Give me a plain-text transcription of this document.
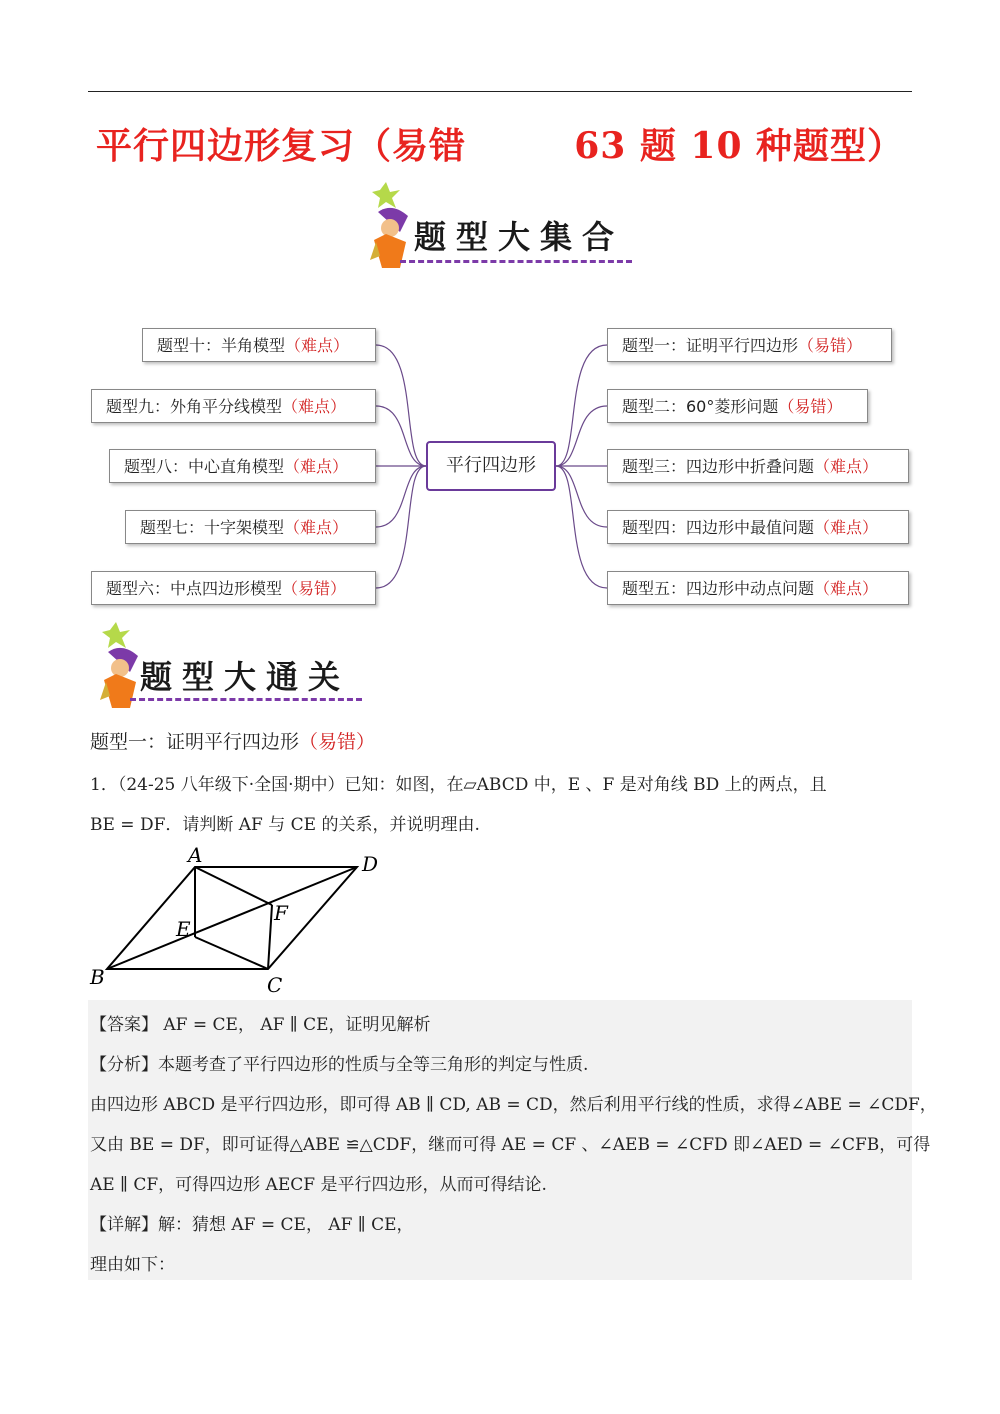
平行四边形复习（易错        63 题 10 种题型）
题型大集合
平行四边形
题型十：半角模型（难点）
题型九：外角平分线模型（难点）
题型八：中心直角模型（难点）
题型七：十字架模型（难点）
题型六：中点四边形模型（易错）
题型一：证明平行四边形（易错）
题型二：60°菱形问题（易错）
题型三：四边形中折叠问题（难点）
题型四：四边形中最值问题（难点）
题型五：四边形中动点问题（难点）
题型大通关
题型一：证明平行四边形（易错）
1．（24-25 八年级下·全国·期中）已知：如图，在▱ABCD 中，E 、F 是对角线 BD 上的两点，且
BE = DF．请判断 AF 与 CE 的关系，并说明理由.
A	D
F
E
B	C
【答案】 AF = CE， AF ∥ CE，证明见解析
【分析】本题考查了平行四边形的性质与全等三角形的判定与性质.
由四边形 ABCD 是平行四边形，即可得 AB ∥ CD, AB = CD，然后利用平行线的性质，求得∠ABE = ∠CDF，
又由 BE = DF，即可证得△ABE ≌△CDF，继而可得 AE = CF 、∠AEB = ∠CFD 即∠AED = ∠CFB，可得
AE ∥ CF，可得四边形 AECF 是平行四边形，从而可得结论.
【详解】解：猜想 AF = CE， AF ∥ CE，
理由如下：
